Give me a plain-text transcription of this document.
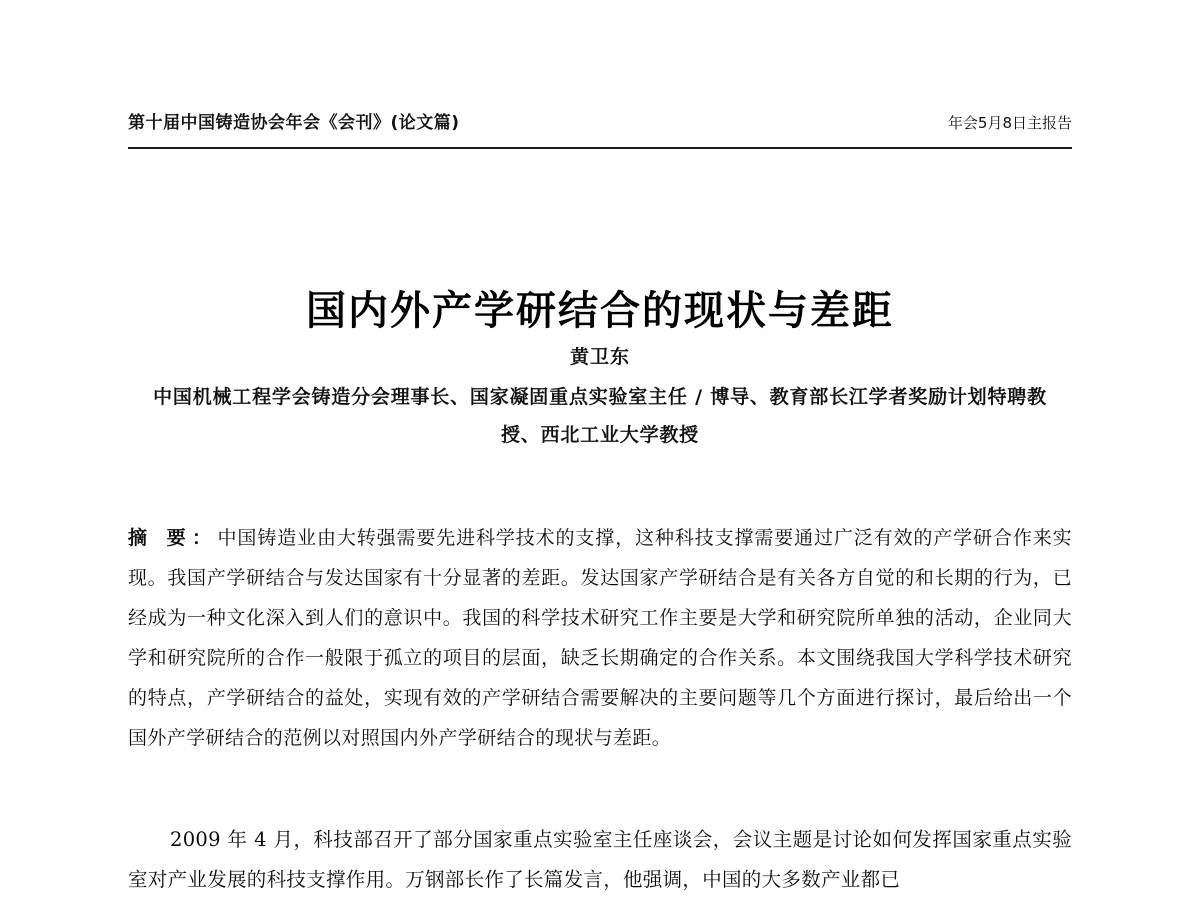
第十届中国铸造协会年会《会刊》(论文篇)	年会5月8日主报告
国内外产学研结合的现状与差距
黄卫东
中国机械工程学会铸造分会理事长、国家凝固重点实验室主任 / 博导、教育部长江学者奖励计划特聘教授、西北工业大学教授
摘 要：中国铸造业由大转强需要先进科学技术的支撑，这种科技支撑需要通过广泛有效的产学研合作来实现。我国产学研结合与发达国家有十分显著的差距。发达国家产学研结合是有关各方自觉的和长期的行为，已经成为一种文化深入到人们的意识中。我国的科学技术研究工作主要是大学和研究院所单独的活动，企业同大学和研究院所的合作一般限于孤立的项目的层面，缺乏长期确定的合作关系。本文围绕我国大学科学技术研究的特点，产学研结合的益处，实现有效的产学研结合需要解决的主要问题等几个方面进行探讨，最后给出一个国外产学研结合的范例以对照国内外产学研结合的现状与差距。

2009 年 4 月，科技部召开了部分国家重点实验室主任座谈会，会议主题是讨论如何发挥国家重点实验室对产业发展的科技支撑作用。万钢部长作了长篇发言，他强调，中国的大多数产业都已
